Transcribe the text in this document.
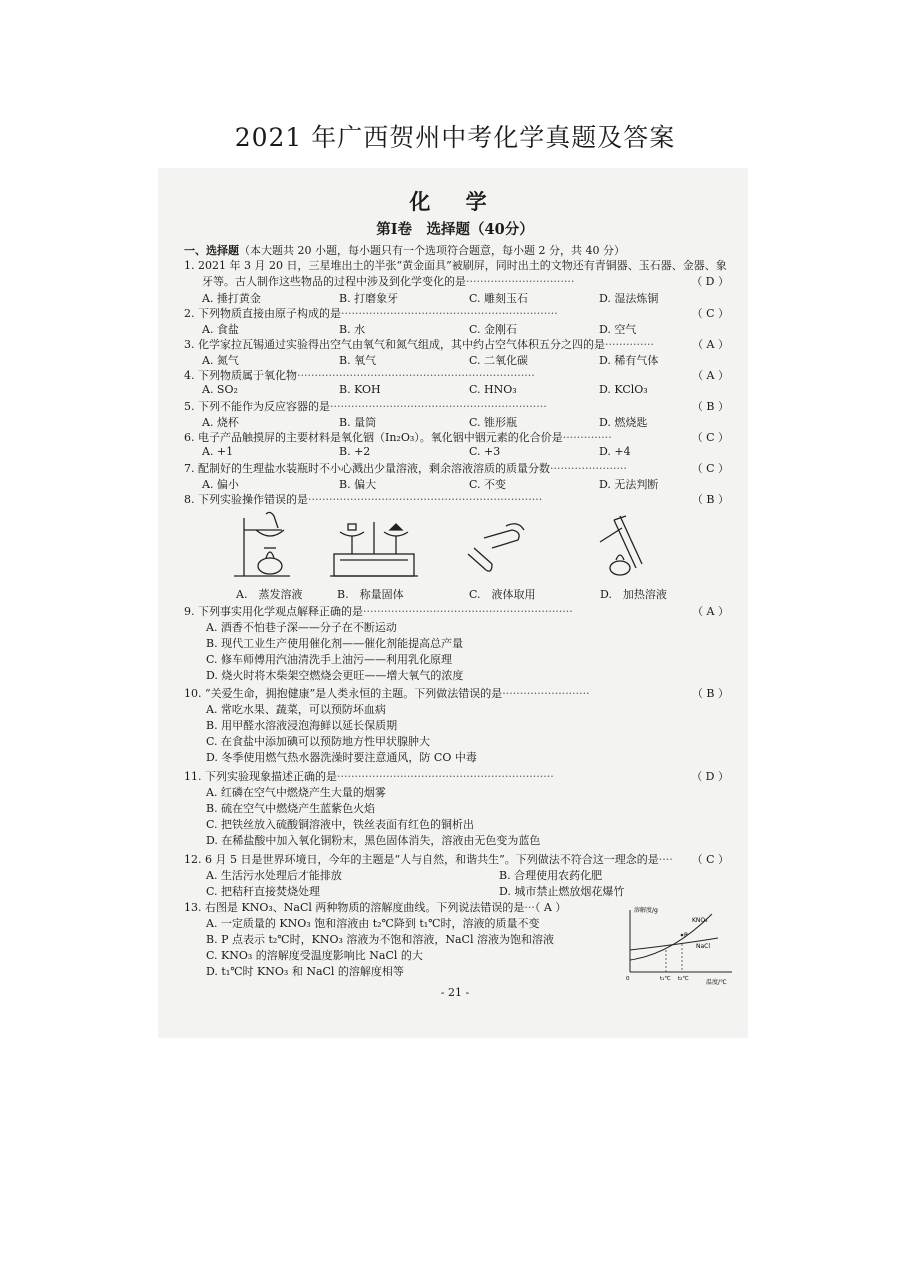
2021 年广西贺州中考化学真题及答案
化 学
第Ⅰ卷　选择题（40分）
一、选择题（本大题共 20 小题，每小题只有一个选项符合题意，每小题 2 分，共 40 分）
1. 2021 年 3 月 20 日，三星堆出土的半张“黄金面具”被刷屏，同时出土的文物还有青铜器、玉石器、金器、象
牙等。古人制作这些物品的过程中涉及到化学变化的是·······························	（ D ）
A. 捶打黄金	B. 打磨象牙	C. 雕刻玉石	D. 湿法炼铜
2. 下列物质直接由原子构成的是······························································	（ C ）
A. 食盐	B. 水	C. 金刚石	D. 空气
3. 化学家拉瓦锡通过实验得出空气由氧气和氮气组成，其中约占空气体积五分之四的是··············	（ A ）
A. 氮气	B. 氧气	C. 二氧化碳	D. 稀有气体
4. 下列物质属于氧化物····································································	（ A ）
A. SO₂	B. KOH	C. HNO₃	D. KClO₃
5. 下列不能作为反应容器的是······························································	（ B ）
A. 烧杯	B. 量筒	C. 锥形瓶	D. 燃烧匙
6. 电子产品触摸屏的主要材料是氧化铟（In₂O₃）。氧化铟中铟元素的化合价是··············	（ C ）
A. +1	B. +2	C. +3	D. +4
7. 配制好的生理盐水装瓶时不小心溅出少量溶液，剩余溶液溶质的质量分数······················	（ C ）
A. 偏小	B. 偏大	C. 不变	D. 无法判断
8. 下列实验操作错误的是···································································	（ B ）
A.　蒸发溶液	B.　称量固体	C.　液体取用	D.　加热溶液
9. 下列事实用化学观点解释正确的是····························································	（ A ）
A. 酒香不怕巷子深——分子在不断运动
B. 现代工业生产使用催化剂——催化剂能提高总产量
C. 修车师傅用汽油清洗手上油污——利用乳化原理
D. 烧火时将木柴架空燃烧会更旺——增大氧气的浓度
10. “关爱生命，拥抱健康”是人类永恒的主题。下列做法错误的是·························	（ B ）
A. 常吃水果、蔬菜，可以预防坏血病
B. 用甲醛水溶液浸泡海鲜以延长保质期
C. 在食盐中添加碘可以预防地方性甲状腺肿大
D. 冬季使用燃气热水器洗澡时要注意通风，防 CO 中毒
11. 下列实验现象描述正确的是······························································	（ D ）
A. 红磷在空气中燃烧产生大量的烟雾
B. 硫在空气中燃烧产生蓝紫色火焰
C. 把铁丝放入硫酸铜溶液中，铁丝表面有红色的铜析出
D. 在稀盐酸中加入氧化铜粉末，黑色固体消失，溶液由无色变为蓝色
12. 6 月 5 日是世界环境日，今年的主题是“人与自然，和谐共生”。下列做法不符合这一理念的是···· （ C ）
A. 生活污水处理后才能排放	B. 合理使用农药化肥
C. 把秸秆直接焚烧处理	D. 城市禁止燃放烟花爆竹
13. 右图是 KNO₃、NaCl 两种物质的溶解度曲线。下列说法错误的是···（ A ）
A. 一定质量的 KNO₃ 饱和溶液由 t₂℃降到 t₁℃时，溶液的质量不变
B. P 点表示 t₂℃时，KNO₃ 溶液为不饱和溶液，NaCl 溶液为饱和溶液
C. KNO₃ 的溶解度受温度影响比 NaCl 的大
D. t₁℃时 KNO₃ 和 NaCl 的溶解度相等
溶解度/g
KNO₃
NaCl
P
t₁℃ t₂℃
0	温度/℃
- 21 -
